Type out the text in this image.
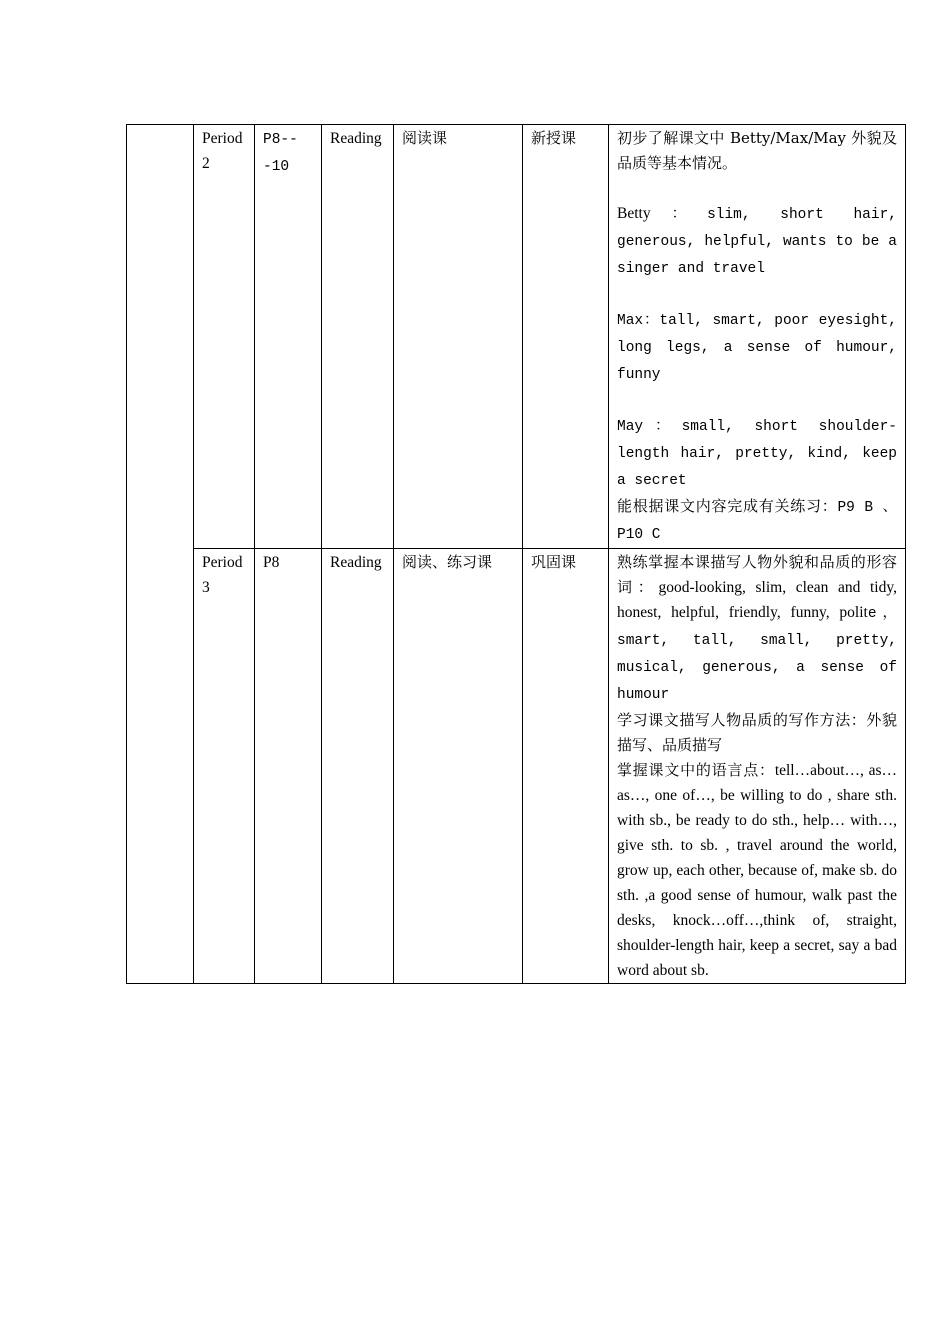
	Period 2	P8---10	Reading	阅读课	新授课	初步了解课文中 Betty/Max/May 外貌及品质等基本情况。
Betty：slim, short hair, generous, helpful, wants to be a singer and travel
Max：tall, smart, poor eyesight, long legs, a sense of humour, funny
May：small, short shoulder-length hair, pretty, kind, keep a secret
能根据课文内容完成有关练习：P9 B 、P10 C

	Period 3	P8	Reading	阅读、练习课	巩固课	熟练掌握本课描写人物外貌和品质的形容词：good-looking, slim, clean and tidy, honest, helpful, friendly, funny, polite，smart, tall, small, pretty, musical, generous, a sense of humour
学习课文描写人物品质的写作方法：外貌描写、品质描写
掌握课文中的语言点：tell…about…, as…as…, one of…, be willing to do , share sth. with sb., be ready to do sth., help… with…, give sth. to sb. , travel around the world, grow up, each other, because of, make sb. do sth. ,a good sense of humour, walk past the desks, knock…off…,think of, straight, shoulder-length hair, keep a secret, say a bad word about sb.
